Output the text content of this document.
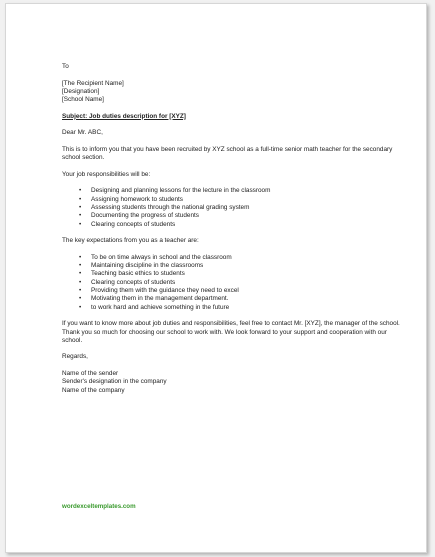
To

[The Recipient Name]

[Designation]

[School Name]

Subject: Job duties description for [XYZ]

Dear Mr. ABC,

This is to inform you that you have been recruited by XYZ school as a full-time senior math teacher for the secondary school section.

Your job responsibilities will be:

• Designing and planning lessons for the lecture in the classroom
• Assigning homework to students
• Assessing students through the national grading system
• Documenting the progress of students
• Clearing concepts of students

The key expectations from you as a teacher are:

• To be on time always in school and the classroom
• Maintaining discipline in the classrooms
• Teaching basic ethics to students
• Clearing concepts of students
• Providing them with the guidance they need to excel
• Motivating them in the management department.
• to work hard and achieve something in the future

If you want to know more about job duties and responsibilities, feel free to contact Mr. [XYZ], the manager of the school. Thank you so much for choosing our school to work with. We look forward to your support and cooperation with our school.

Regards,

Name of the sender

Sender's designation in the company

Name of the company

wordexceltemplates.com
